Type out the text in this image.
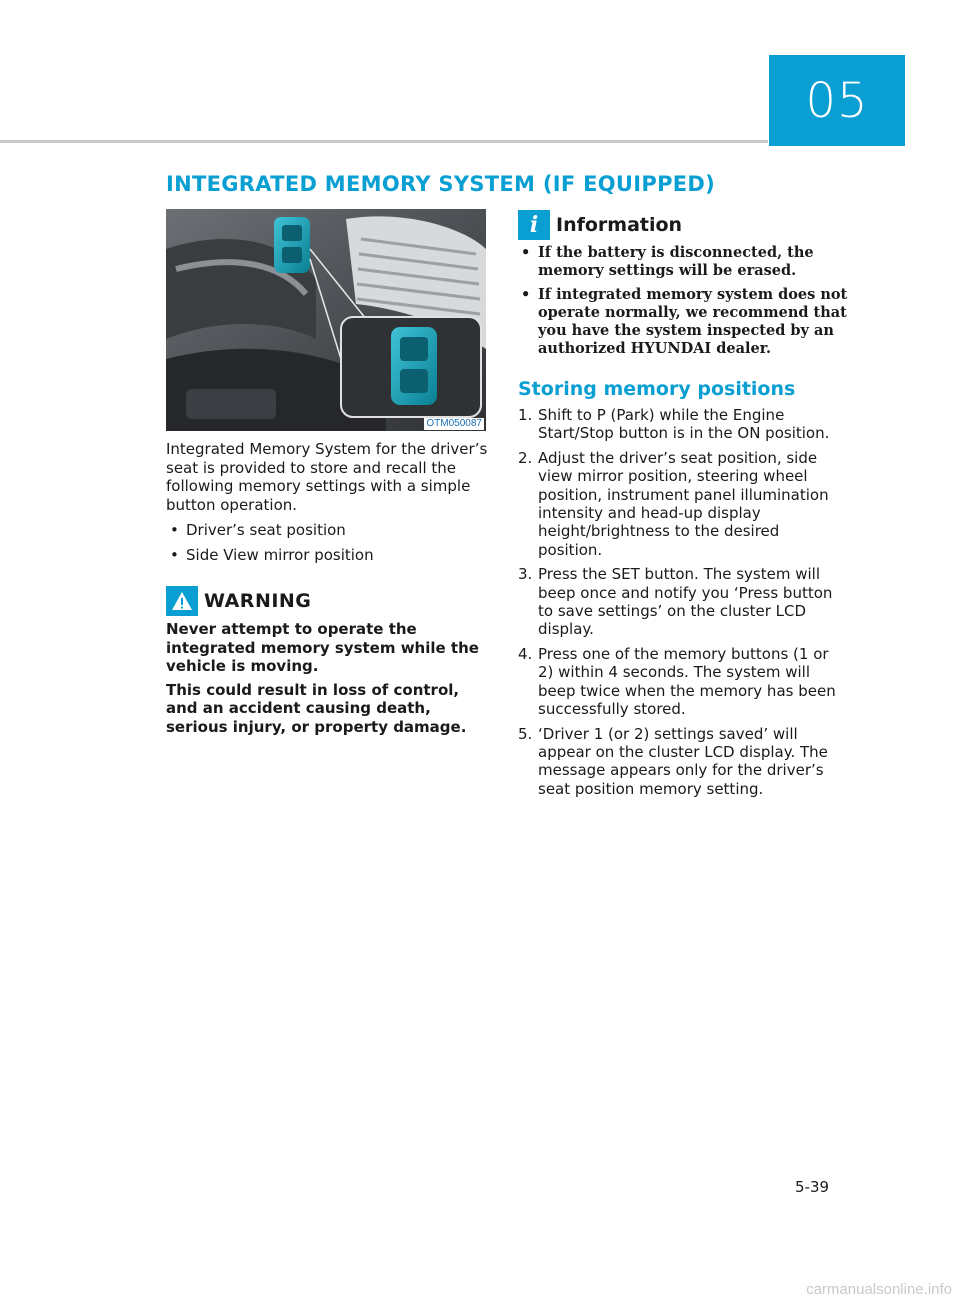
05
INTEGRATED MEMORY SYSTEM (IF EQUIPPED)
OTM050087

Integrated Memory System for the driver’s seat is provided to store and recall the following memory settings with a simple button operation.

• Driver’s seat position
• Side View mirror position
WARNING

Never attempt to operate the integrated memory system while the vehicle is moving.

This could result in loss of control, and an accident causing death, serious injury, or property damage.

i Information
• If the battery is disconnected, the memory settings will be erased.
• If integrated memory system does not operate normally, we recommend that you have the system inspected by an authorized HYUNDAI dealer.
Storing memory positions
1. Shift to P (Park) while the Engine Start/Stop button is in the ON position.
2. Adjust the driver’s seat position, side view mirror position, steering wheel position, instrument panel illumination intensity and head-up display height/brightness to the desired position.
3. Press the SET button. The system will beep once and notify you ‘Press button to save settings’ on the cluster LCD display.
4. Press one of the memory buttons (1 or 2) within 4 seconds. The system will beep twice when the memory has been successfully stored.
5. ‘Driver 1 (or 2) settings saved’ will appear on the cluster LCD display. The message appears only for the driver’s seat position memory setting.
5-39
carmanualsonline.info
